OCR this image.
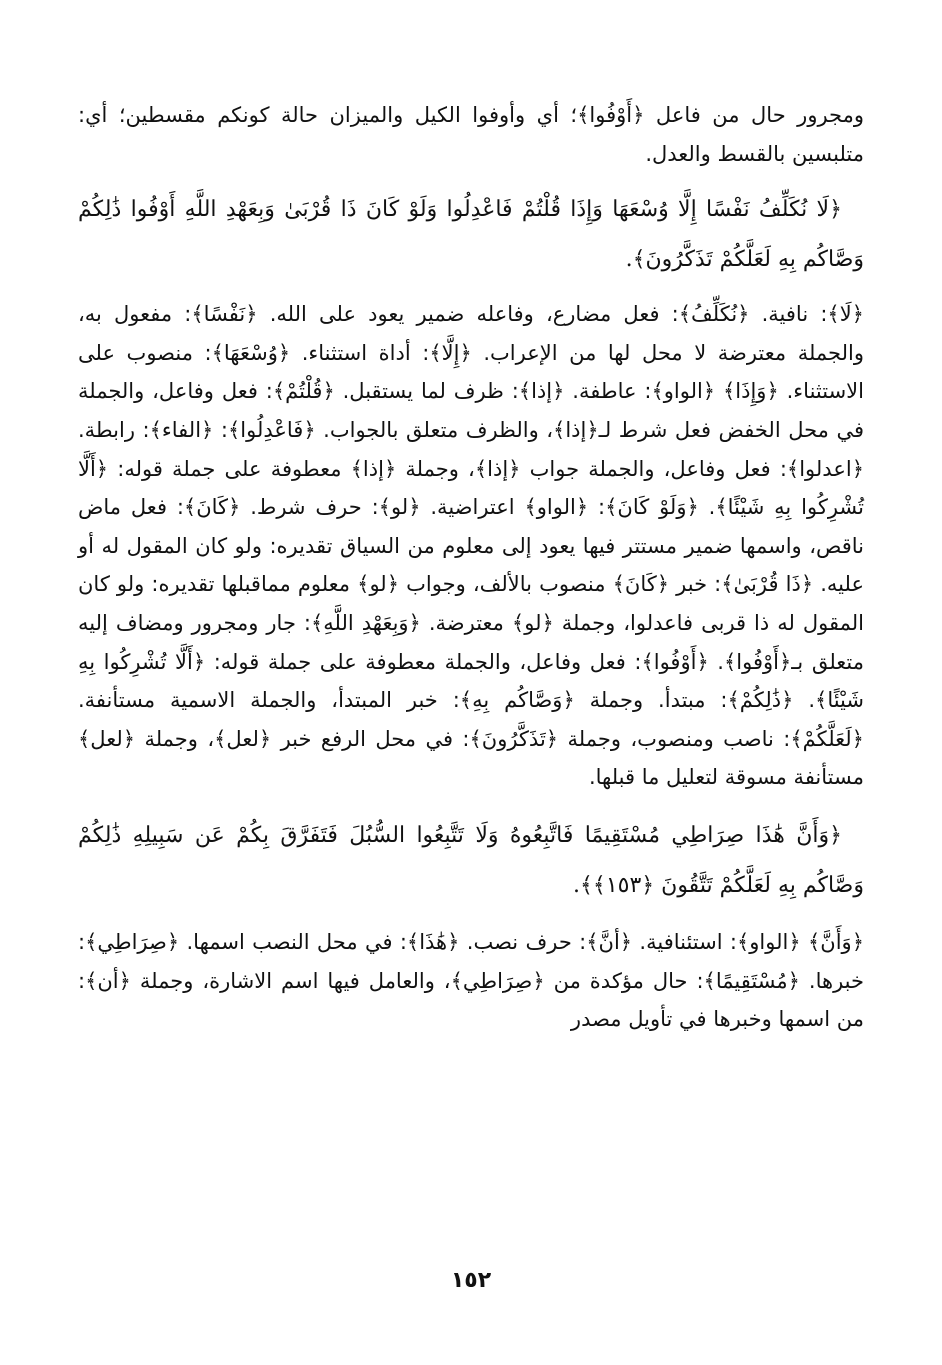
ومجرور حال من فاعل ﴿أَوْفُوا﴾؛ أي وأوفوا الكيل والميزان حالة كونكم مقسطين؛ أي: متلبسين بالقسط والعدل.

﴿لَا نُكَلِّفُ نَفْسًا إِلَّا وُسْعَهَا وَإِذَا قُلْتُمْ فَاعْدِلُوا وَلَوْ كَانَ ذَا قُرْبَىٰ وَبِعَهْدِ اللَّهِ أَوْفُوا ذَٰلِكُمْ وَصَّاكُم بِهِ لَعَلَّكُمْ تَذَكَّرُونَ﴾.

﴿لَا﴾: نافية. ﴿نُكَلِّفُ﴾: فعل مضارع، وفاعله ضمير يعود على الله. ﴿نَفْسًا﴾: مفعول به، والجملة معترضة لا محل لها من الإعراب. ﴿إِلَّا﴾: أداة استثناء. ﴿وُسْعَهَا﴾: منصوب على الاستثناء. ﴿وَإِذَا﴾ ﴿الواو﴾: عاطفة. ﴿إذا﴾: ظرف لما يستقبل. ﴿قُلْتُمْ﴾: فعل وفاعل، والجملة في محل الخفض فعل شرط لـ﴿إذا﴾، والظرف متعلق بالجواب. ﴿فَاعْدِلُوا﴾: ﴿الفاء﴾: رابطة. ﴿اعدلوا﴾: فعل وفاعل، والجملة جواب ﴿إذا﴾، وجملة ﴿إذا﴾ معطوفة على جملة قوله: ﴿أَلَّا تُشْرِكُوا بِهِ شَيْئًا﴾. ﴿وَلَوْ كَانَ﴾: ﴿الواو﴾ اعتراضية. ﴿لو﴾: حرف شرط. ﴿كَانَ﴾: فعل ماض ناقص، واسمها ضمير مستتر فيها يعود إلى معلوم من السياق تقديره: ولو كان المقول له أو عليه. ﴿ذَا قُرْبَىٰ﴾: خبر ﴿كَانَ﴾ منصوب بالألف، وجواب ﴿لو﴾ معلوم مماقبلها تقديره: ولو كان المقول له ذا قربى فاعدلوا، وجملة ﴿لو﴾ معترضة. ﴿وَبِعَهْدِ اللَّهِ﴾: جار ومجرور ومضاف إليه متعلق بـ﴿أَوْفُوا﴾. ﴿أَوْفُوا﴾: فعل وفاعل، والجملة معطوفة على جملة قوله: ﴿أَلَّا تُشْرِكُوا بِهِ شَيْئًا﴾. ﴿ذَٰلِكُمْ﴾: مبتدأ. وجملة ﴿وَصَّاكُم بِهِ﴾: خبر المبتدأ، والجملة الاسمية مستأنفة. ﴿لَعَلَّكُمْ﴾: ناصب ومنصوب، وجملة ﴿تَذَكَّرُونَ﴾: في محل الرفع خبر ﴿لعل﴾، وجملة ﴿لعل﴾ مستأنفة مسوقة لتعليل ما قبلها.

﴿وَأَنَّ هَٰذَا صِرَاطِي مُسْتَقِيمًا فَاتَّبِعُوهُ وَلَا تَتَّبِعُوا السُّبُلَ فَتَفَرَّقَ بِكُمْ عَن سَبِيلِهِ ذَٰلِكُمْ وَصَّاكُم بِهِ لَعَلَّكُمْ تَتَّقُونَ ﴿١٥٣﴾﴾.

﴿وَأَنَّ﴾ ﴿الواو﴾: استئنافية. ﴿أنَّ﴾: حرف نصب. ﴿هَٰذَا﴾: في محل النصب اسمها. ﴿صِرَاطِي﴾: خبرها. ﴿مُسْتَقِيمًا﴾: حال مؤكدة من ﴿صِرَاطِي﴾، والعامل فيها اسم الاشارة، وجملة ﴿أن﴾: من اسمها وخبرها في تأويل مصدر

١٥٢
